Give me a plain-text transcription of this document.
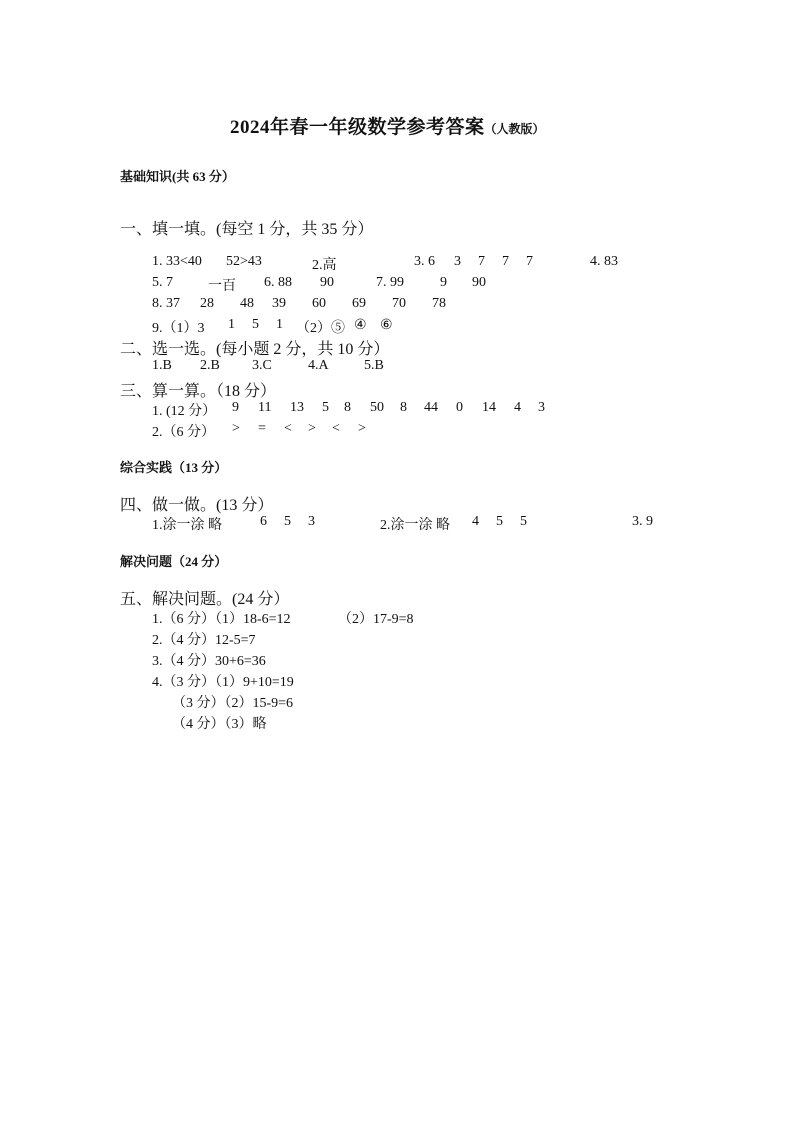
2024年春一年级数学参考答案（人教版）
基础知识(共 63 分）
一、填一填。(每空 1 分，共 35 分）
1. 33<40 52>43	2.高	3. 6 3 7 7 7	4. 83
5. 7	一百 6. 88 90	7. 99	9 90
8. 37 28 48 39 60 69 70 78
9.（1）3 1 5 1 （2）⑤ ④ ⑥
二、选一选。(每小题 2 分，共 10 分）
1.B 2.B 3.C	4.A	5.B
三、算一算。（18 分）
1. (12 分） 9 11 13 5 8 50 8 44 0 14 4 3
2.（6 分） > = < > < >
综合实践（13 分）
四、做一做。(13 分）
1.涂一涂 略	6 5 3	2.涂一涂 略 4 5 5	3. 9
解决问题（24 分）
五、解决问题。(24 分）
1.（6 分）（1）18-6=12	（2）17-9=8
2.（4 分）12-5=7
3.（4 分）30+6=36
4.（3 分）（1）9+10=19
（3 分）（2）15-9=6
（4 分）（3）略
